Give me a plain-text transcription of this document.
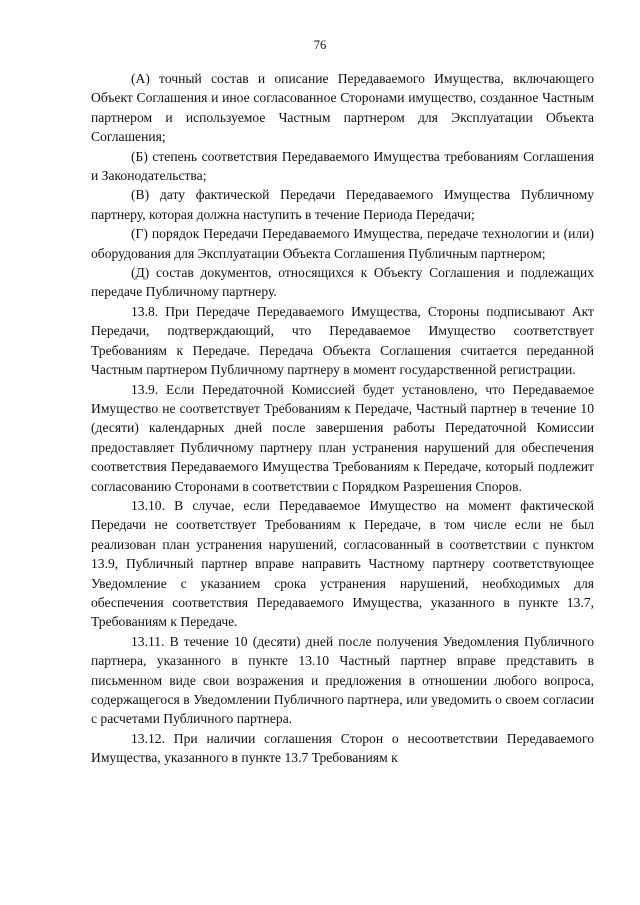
76

(А) точный состав и описание Передаваемого Имущества, включающего Объект Соглашения и иное согласованное Сторонами имущество, созданное Частным партнером и используемое Частным партнером для Эксплуатации Объекта Соглашения;

(Б) степень соответствия Передаваемого Имущества требованиям Соглашения и Законодательства;

(В) дату фактической Передачи Передаваемого Имущества Публичному партнеру, которая должна наступить в течение Периода Передачи;

(Г) порядок Передачи Передаваемого Имущества, передаче технологии и (или) оборудования для Эксплуатации Объекта Соглашения Публичным партнером;

(Д) состав документов, относящихся к Объекту Соглашения и подлежащих передаче Публичному партнеру.

13.8. При Передаче Передаваемого Имущества, Стороны подписывают Акт Передачи, подтверждающий, что Передаваемое Имущество соответствует Требованиям к Передаче. Передача Объекта Соглашения считается переданной Частным партнером Публичному партнеру в момент государственной регистрации.

13.9. Если Передаточной Комиссией будет установлено, что Передаваемое Имущество не соответствует Требованиям к Передаче, Частный партнер в течение 10 (десяти) календарных дней после завершения работы Передаточной Комиссии предоставляет Публичному партнеру план устранения нарушений для обеспечения соответствия Передаваемого Имущества Требованиям к Передаче, который подлежит согласованию Сторонами в соответствии с Порядком Разрешения Споров.

13.10. В случае, если Передаваемое Имущество на момент фактической Передачи не соответствует Требованиям к Передаче, в том числе если не был реализован план устранения нарушений, согласованный в соответствии с пунктом 13.9, Публичный партнер вправе направить Частному партнеру соответствующее Уведомление с указанием срока устранения нарушений, необходимых для обеспечения соответствия Передаваемого Имущества, указанного в пункте 13.7, Требованиям к Передаче.

13.11. В течение 10 (десяти) дней после получения Уведомления Публичного партнера, указанного в пункте 13.10 Частный партнер вправе представить в письменном виде свои возражения и предложения в отношении любого вопроса, содержащегося в Уведомлении Публичного партнера, или уведомить о своем согласии с расчетами Публичного партнера.

13.12. При наличии соглашения Сторон о несоответствии Передаваемого Имущества, указанного в пункте 13.7 Требованиям к
